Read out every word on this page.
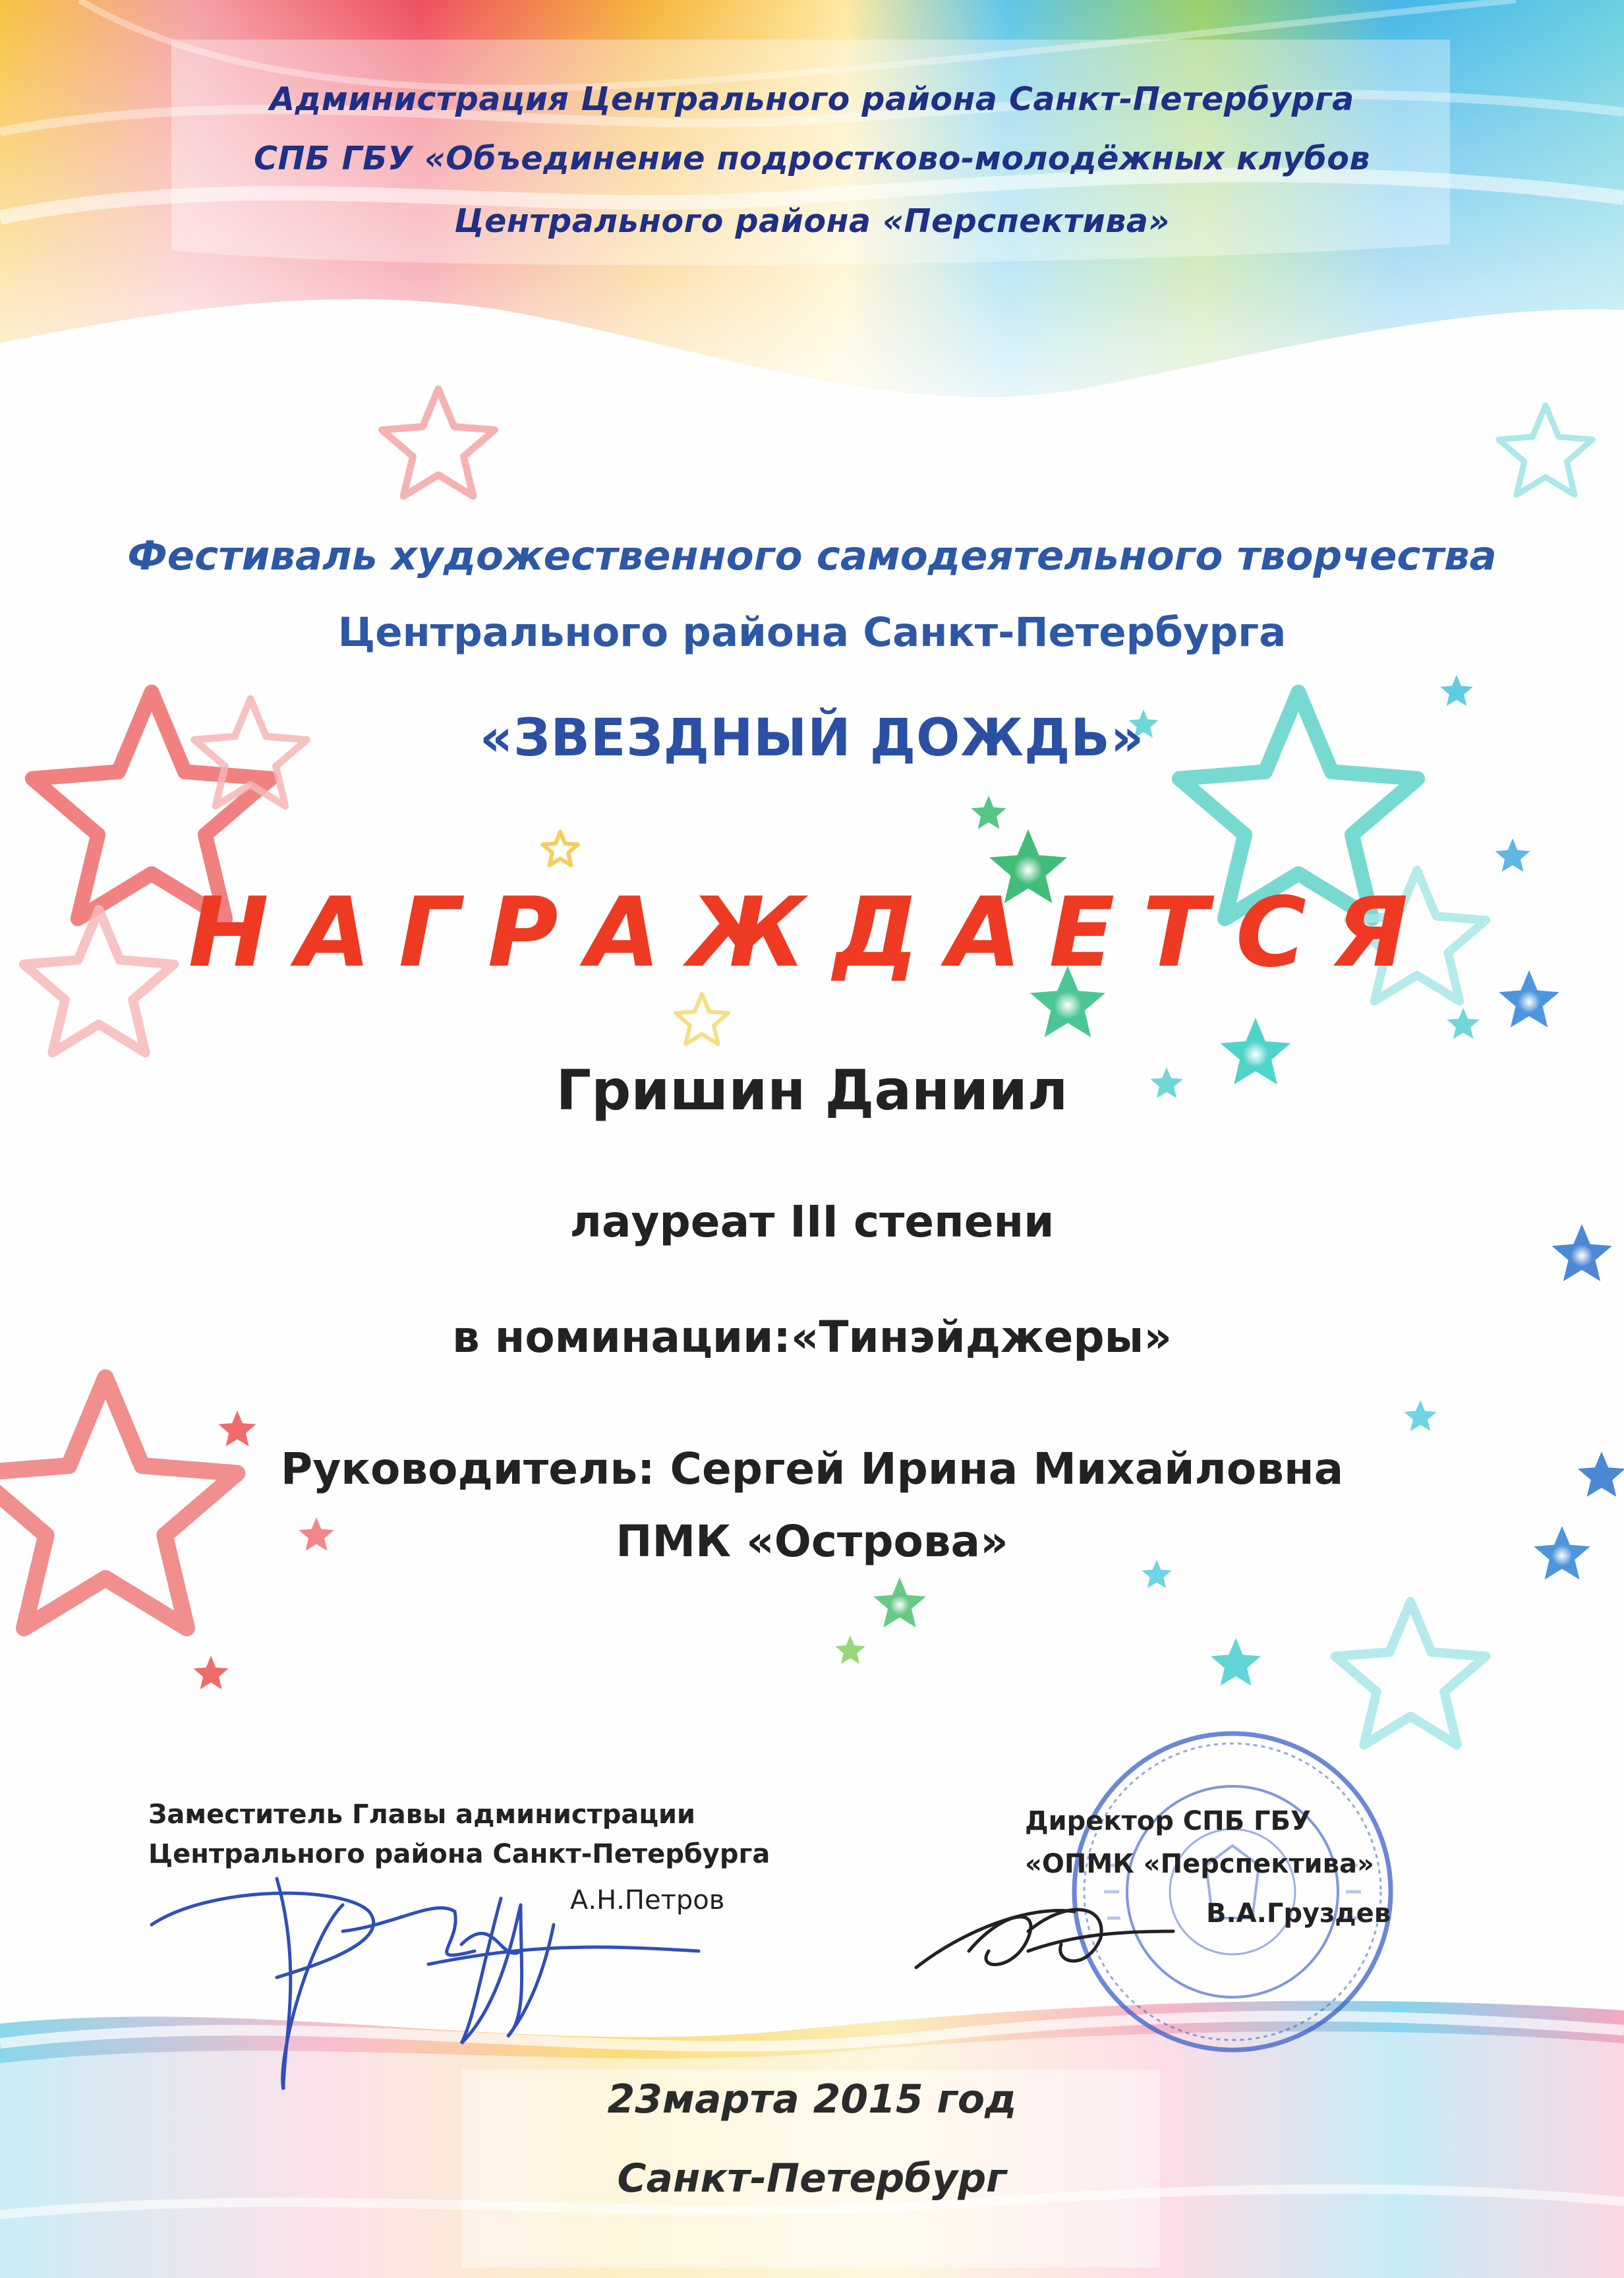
Администрация Центрального района Санкт-Петербурга
СПБ ГБУ «Объединение подростково-молодёжных клубов
Центрального района «Перспектива»
Фестиваль художественного самодеятельного творчества
Центрального района Санкт-Петербурга
«ЗВЕЗДНЫЙ ДОЖДЬ»
НАГРАЖДАЕТСЯ
Гришин Даниил
лауреат III степени
в номинации:«Тинэйджеры»
Руководитель: Сергей Ирина Михайловна
ПМК «Острова»
Заместитель Главы администрации
Центрального района Санкт-Петербурга
А.Н.Петров
Директор СПБ ГБУ
«ОПМК «Перспектива»
В.А.Груздев
23марта 2015 год
Санкт-Петербург
